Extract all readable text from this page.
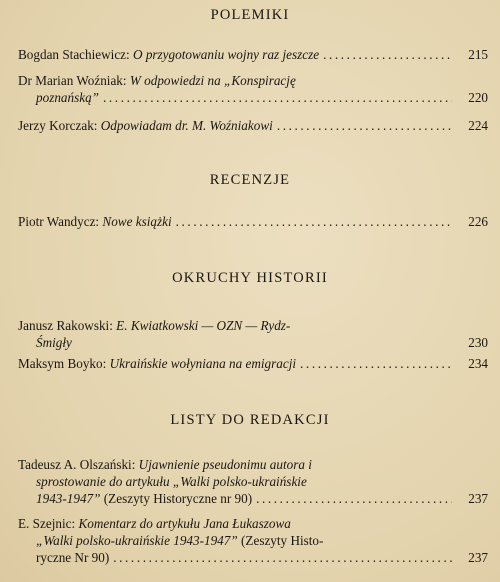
POLEMIKI
Bogdan Stachiewicz:
O przygotowaniu wojny raz jeszcze .....	215
Dr Marian Woźniak:
W odpowiedzi na „Konspirację
poznańską” .....	220
Jerzy Korczak:
Odpowiadam dr. M. Woźniakowi .....	224
RECENZJE
Piotr Wandycz:
Nowe książki .....	226
OKRUCHY HISTORII
Janusz Rakowski:
E. Kwiatkowski — OZN — Rydz-
Śmigły	230
Maksym Boyko:
Ukraińskie wołyniana na emigracji .....	234
LISTY DO REDAKCJI
Tadeusz A. Olszański:
Ujawnienie pseudonimu autora i
sprostowanie do artykułu „Walki polsko-ukraińskie
1943-1947”
(Zeszyty Historyczne nr 90) .....	237
E. Szejnic:
Komentarz do artykułu Jana Łukaszowa
„Walki polsko-ukraińskie 1943-1947”
(Zeszyty Histo-
ryczne Nr 90) .....	237
